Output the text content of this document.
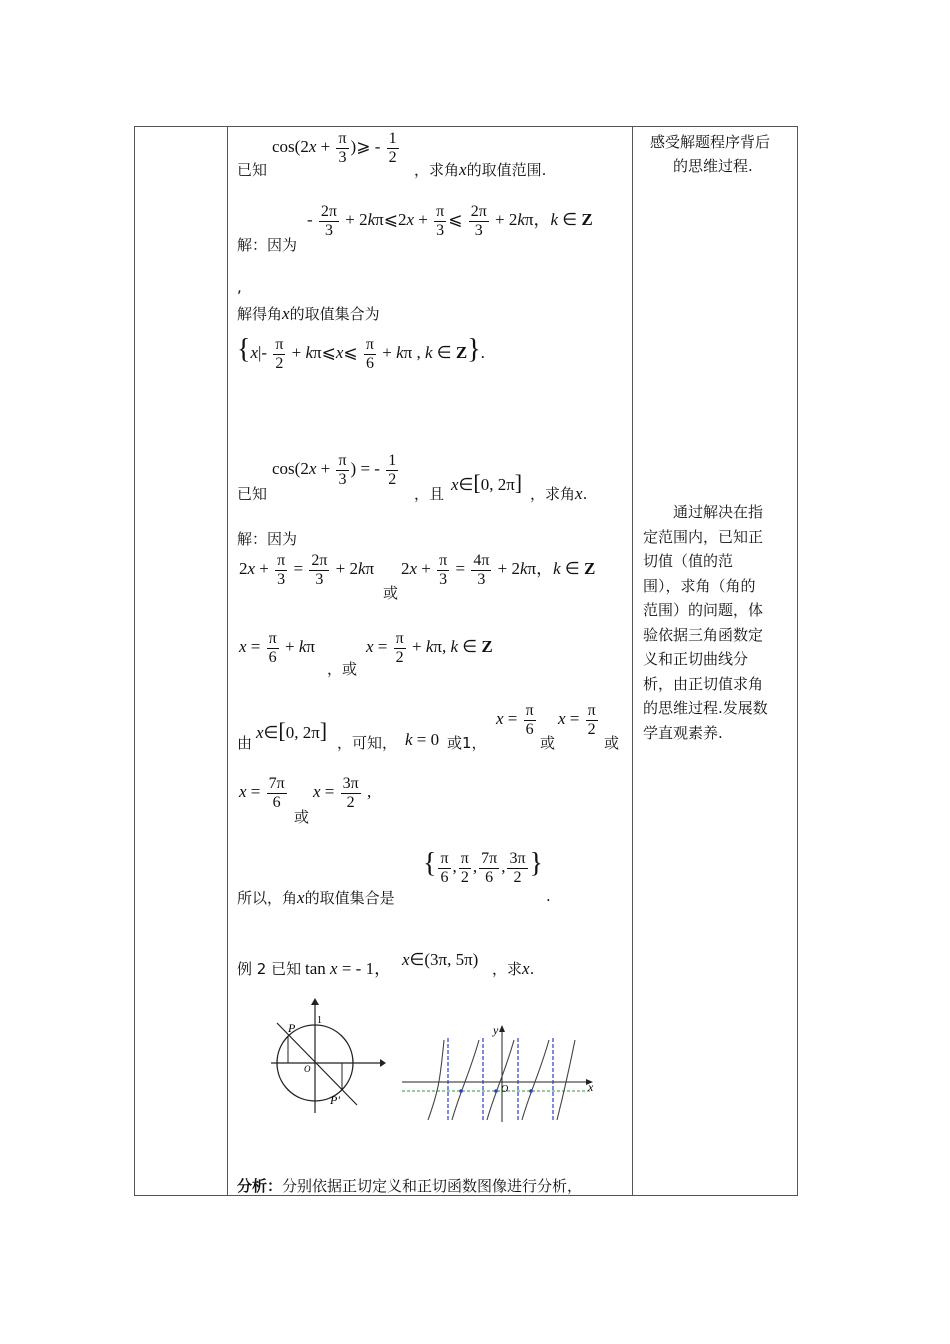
感受解题程序背后
的思维过程.
通过解决在指
定范围内，已知正
切值（值的范
围），求角（角的
范围）的问题，体
验依据三角函数定
义和正切曲线分
析，由正切值求角
的思维过程.发展数
学直观素养.
已知
$\cos(2x + \frac{\pi}{3}$ )⩾ - $\frac{1}{2}$
，求角x的取值范围.
解：因为
- $\frac{2\pi}{3}$ + 2kπ⩽2x + $\frac{\pi}{3}$ ⩽ $\frac{2\pi}{3} + 2k\pi$，k ∈ Z
,
解得角x的取值集合为
{$x|- \frac{\pi}{2}$ + kπ⩽x⩽ $\frac{\pi}{6} + k\pi$ , k ∈ Z}.
已知
$\cos(2x + \frac{\pi}{3}$ ) = - $\frac{1}{2}$
，且 x∈[0, 2π] ，求角x.
解：因为
$2x + \frac{\pi}{3} = \frac{2\pi}{3} + 2k\pi$
或
$2x + \frac{\pi}{3} = \frac{4\pi}{3} + 2k\pi$，k ∈ Z
$x = \frac{\pi}{6} + k\pi$
，或
$x = \frac{\pi}{2} + k\pi$, k ∈ Z
由
x∈[0, 2π] ，可知， k = 0 或1，
$x = \frac{\pi}{6}$
或
$x = \frac{\pi}{2}$
或
$x = \frac{7\pi}{6}$
或
$x = \frac{3\pi}{2}$ ,
所以，角x的取值集合是
{ $\frac{\pi}{6}$ , $\frac{\pi}{2}$ , $\frac{7\pi}{6}$ , $\frac{3\pi}{2}$ }
.
例 2 已知 tan x = - 1， x∈(3π, 5π) ，求x.
P
1
O
P'
y
O	x
分析：分别依据正切定义和正切函数图像进行分析，
